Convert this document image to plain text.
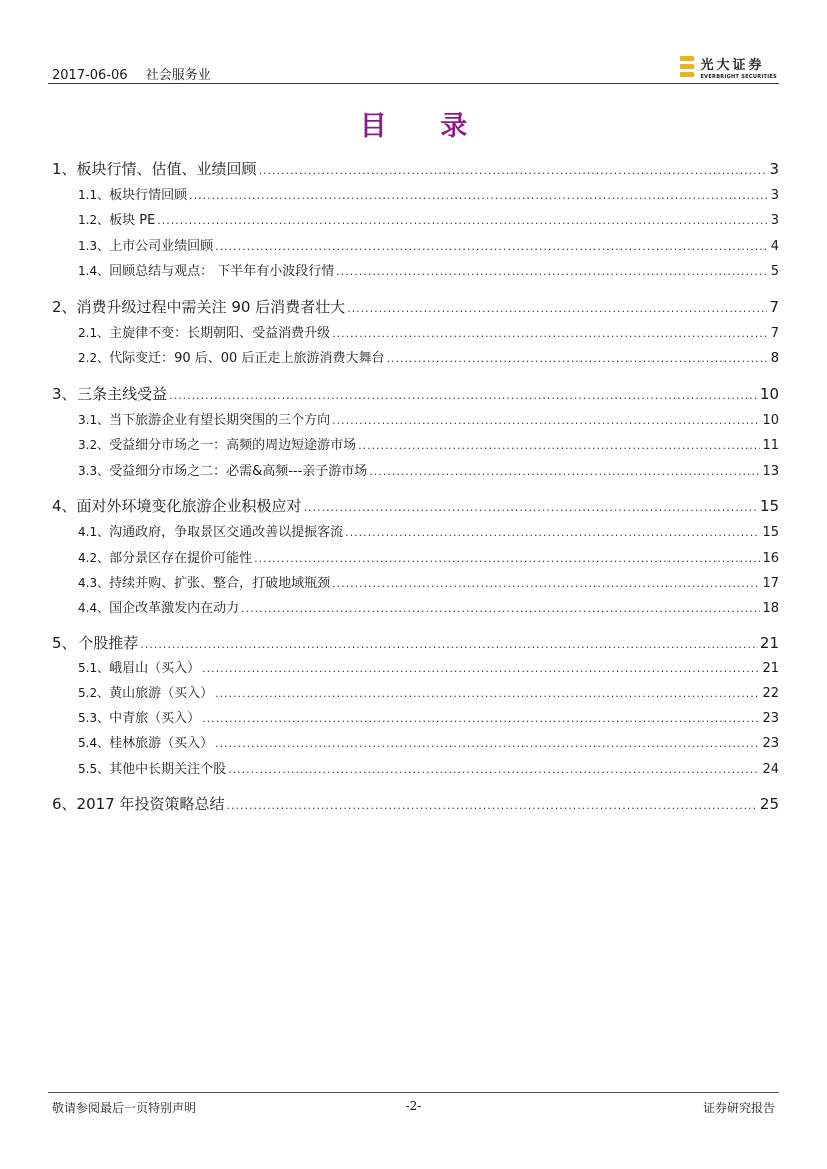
2017-06-06 社会服务业
光大证券
EVERBRIGHT SECURITIES
目 录
1、 板块行情、估值、业绩回顾 .....	3
1.1、 板块行情回顾 .....	3
1.2、 板块 PE .....	3
1.3、 上市公司业绩回顾 .....	4
1.4、 回顾总结与观点： 下半年有小波段行情 .....	5
2、 消费升级过程中需关注 90 后消费者壮大 .....	7
2.1、 主旋律不变：长期朝阳、受益消费升级 .....	7
2.2、 代际变迁：90 后、00 后正走上旅游消费大舞台 .....	8
3、 三条主线受益 .....	10
3.1、 当下旅游企业有望长期突围的三个方向 .....	10
3.2、 受益细分市场之一：高频的周边短途游市场 .....	11
3.3、 受益细分市场之二：必需&高频---亲子游市场 .....	13
4、 面对外环境变化旅游企业积极应对 .....	15
4.1、 沟通政府，争取景区交通改善以提振客流 .....	15
4.2、 部分景区存在提价可能性 .....	16
4.3、 持续并购、扩张、整合，打破地域瓶颈 .....	17
4.4、 国企改革激发内在动力 .....	18
5、 个股推荐 .....	21
5.1、 峨眉山（买入） .....	21
5.2、 黄山旅游（买入） .....	22
5.3、 中青旅（买入） .....	23
5.4、 桂林旅游（买入） .....	23
5.5、 其他中长期关注个股 .....	24
6、 2017 年投资策略总结 .....	25
敬请参阅最后一页特别声明	-2-	证券研究报告
